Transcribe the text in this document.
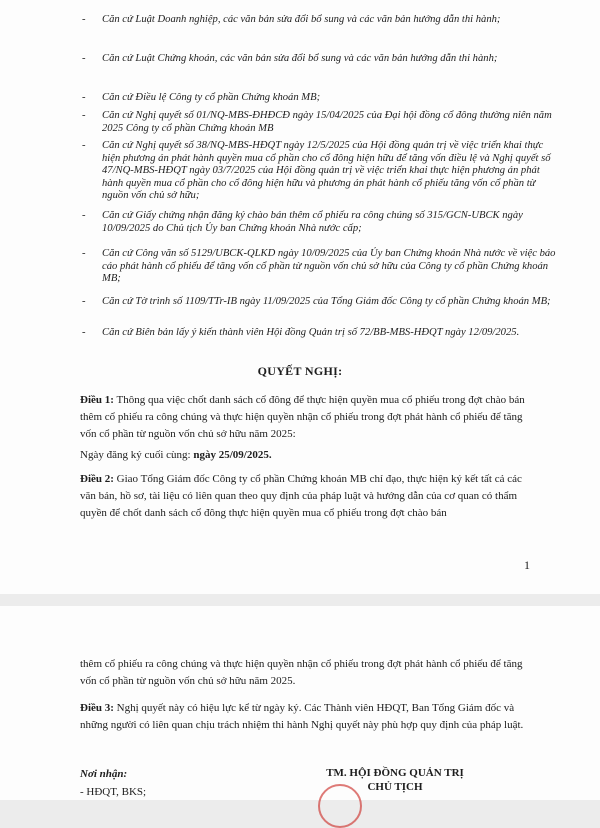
- Căn cứ Luật Doanh nghiệp, các văn bản sửa đổi bổ sung và các văn bản hướng dẫn thi hành;
- Căn cứ Luật Chứng khoán, các văn bản sửa đổi bổ sung và các văn bản hướng dẫn thi hành;
- Căn cứ Điều lệ Công ty cổ phần Chứng khoán MB;
- Căn cứ Nghị quyết số 01/NQ-MBS-ĐHĐCĐ ngày 15/04/2025 của Đại hội đồng cổ đông thường niên năm 2025 Công ty cổ phần Chứng khoán MB
- Căn cứ Nghị quyết số 38/NQ-MBS-HĐQT ngày 12/5/2025 của Hội đồng quản trị về việc triển khai thực hiện phương án phát hành quyền mua cổ phần cho cổ đông hiện hữu để tăng vốn điều lệ và Nghị quyết số 47/NQ-MBS-HĐQT ngày 03/7/2025 của Hội đồng quản trị về việc triển khai thực hiện phương án phát hành quyền mua cổ phần cho cổ đông hiện hữu và phương án phát hành cổ phiếu tăng vốn cổ phần từ nguồn vốn chủ sở hữu;
- Căn cứ Giấy chứng nhận đăng ký chào bán thêm cổ phiếu ra công chúng số 315/GCN-UBCK ngày 10/09/2025 do Chủ tịch Ủy ban Chứng khoán Nhà nước cấp;
- Căn cứ Công văn số 5129/UBCK-QLKD ngày 10/09/2025 của Ủy ban Chứng khoán Nhà nước về việc báo cáo phát hành cổ phiếu để tăng vốn cổ phần từ nguồn vốn chủ sở hữu của Công ty cổ phần Chứng khoán MB;
- Căn cứ Tờ trình số 1109/TTr-IB ngày 11/09/2025 của Tổng Giám đốc Công ty cổ phần Chứng khoán MB;
- Căn cứ Biên bản lấy ý kiến thành viên Hội đồng Quản trị số 72/BB-MBS-HĐQT ngày 12/09/2025.
QUYẾT NGHỊ:

Điều 1: Thông qua việc chốt danh sách cổ đông để thực hiện quyền mua cổ phiếu trong đợt chào bán thêm cổ phiếu ra công chúng và thực hiện quyền nhận cổ phiếu trong đợt phát hành cổ phiếu để tăng vốn cổ phần từ nguồn vốn chủ sở hữu năm 2025:

Ngày đăng ký cuối cùng: ngày 25/09/2025.

Điều 2: Giao Tổng Giám đốc Công ty cổ phần Chứng khoán MB chỉ đạo, thực hiện ký kết tất cả các văn bản, hồ sơ, tài liệu có liên quan theo quy định của pháp luật và hướng dẫn của cơ quan có thẩm quyền để chốt danh sách cổ đông thực hiện quyền mua cổ phiếu trong đợt chào bán

1

thêm cổ phiếu ra công chúng và thực hiện quyền nhận cổ phiếu trong đợt phát hành cổ phiếu để tăng vốn cổ phần từ nguồn vốn chủ sở hữu năm 2025.

Điều 3: Nghị quyết này có hiệu lực kể từ ngày ký. Các Thành viên HĐQT, Ban Tổng Giám đốc và những người có liên quan chịu trách nhiệm thi hành Nghị quyết này phù hợp quy định của pháp luật.

Nơi nhận:
- HĐQT, BKS;
TM. HỘI ĐỒNG QUẢN TRỊ
CHỦ TỊCH
